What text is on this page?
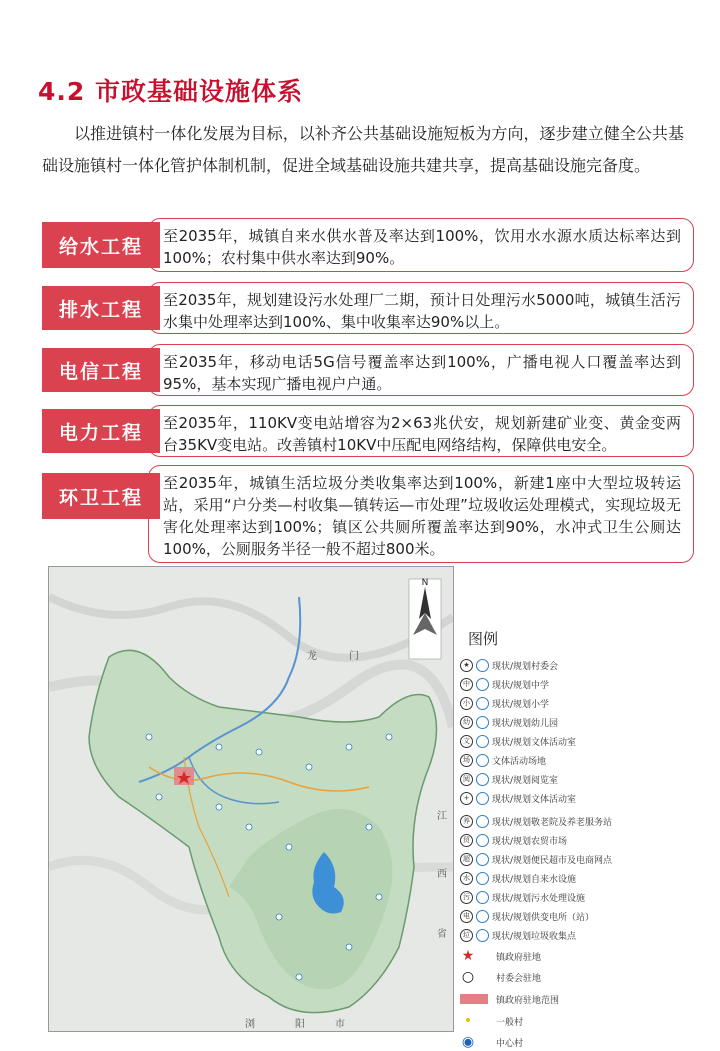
4.2 市政基础设施体系

以推进镇村一体化发展为目标，以补齐公共基础设施短板为方向，逐步建立健全公共基础设施镇村一体化管护体制机制，促进全域基础设施共建共享，提高基础设施完备度。

至2035年，城镇自来水供水普及率达到100%，饮用水水源水质达标率达到100%；农村集中供水率达到90%。
给水工程
至2035年，规划建设污水处理厂二期，预计日处理污水5000吨，城镇生活污水集中处理率达到100%、集中收集率达90%以上。
排水工程
至2035年，移动电话5G信号覆盖率达到100%，广播电视人口覆盖率达到95%，基本实现广播电视户户通。
电信工程
至2035年，110KV变电站增容为2×63兆伏安，规划新建矿业变、黄金变两台35KV变电站。改善镇村10KV中压配电网络结构，保障供电安全。
电力工程
至2035年，城镇生活垃圾分类收集率达到100%，新建1座中大型垃圾转运站，采用“户分类—村收集—镇转运—市处理”垃圾收运处理模式，实现垃圾无害化处理率达到100%；镇区公共厕所覆盖率达到90%，水冲式卫生公厕达100%，公厕服务半径一般不超过800米。
环卫工程
N
龙	门
江
西
省
浏	阳	市
图例
★	现状/规划村委会
中	现状/规划中学
小	现状/规划小学
幼	现状/规划幼儿园
文	现状/规划文体活动室
场	文体活动场地
阅	现状/规划阅览室
+	现状/规划文体活动室
养	现状/规划敬老院及养老服务站
贸	现状/规划农贸市场
超	现状/规划便民超市及电商网点
水	现状/规划自来水设施
污	现状/规划污水处理设施
电	现状/规划供变电所（站）
垃	现状/规划垃圾收集点
★ 镇政府驻地
○ 村委会驻地
镇政府驻地范围
•	一般村
◉ 中心村
